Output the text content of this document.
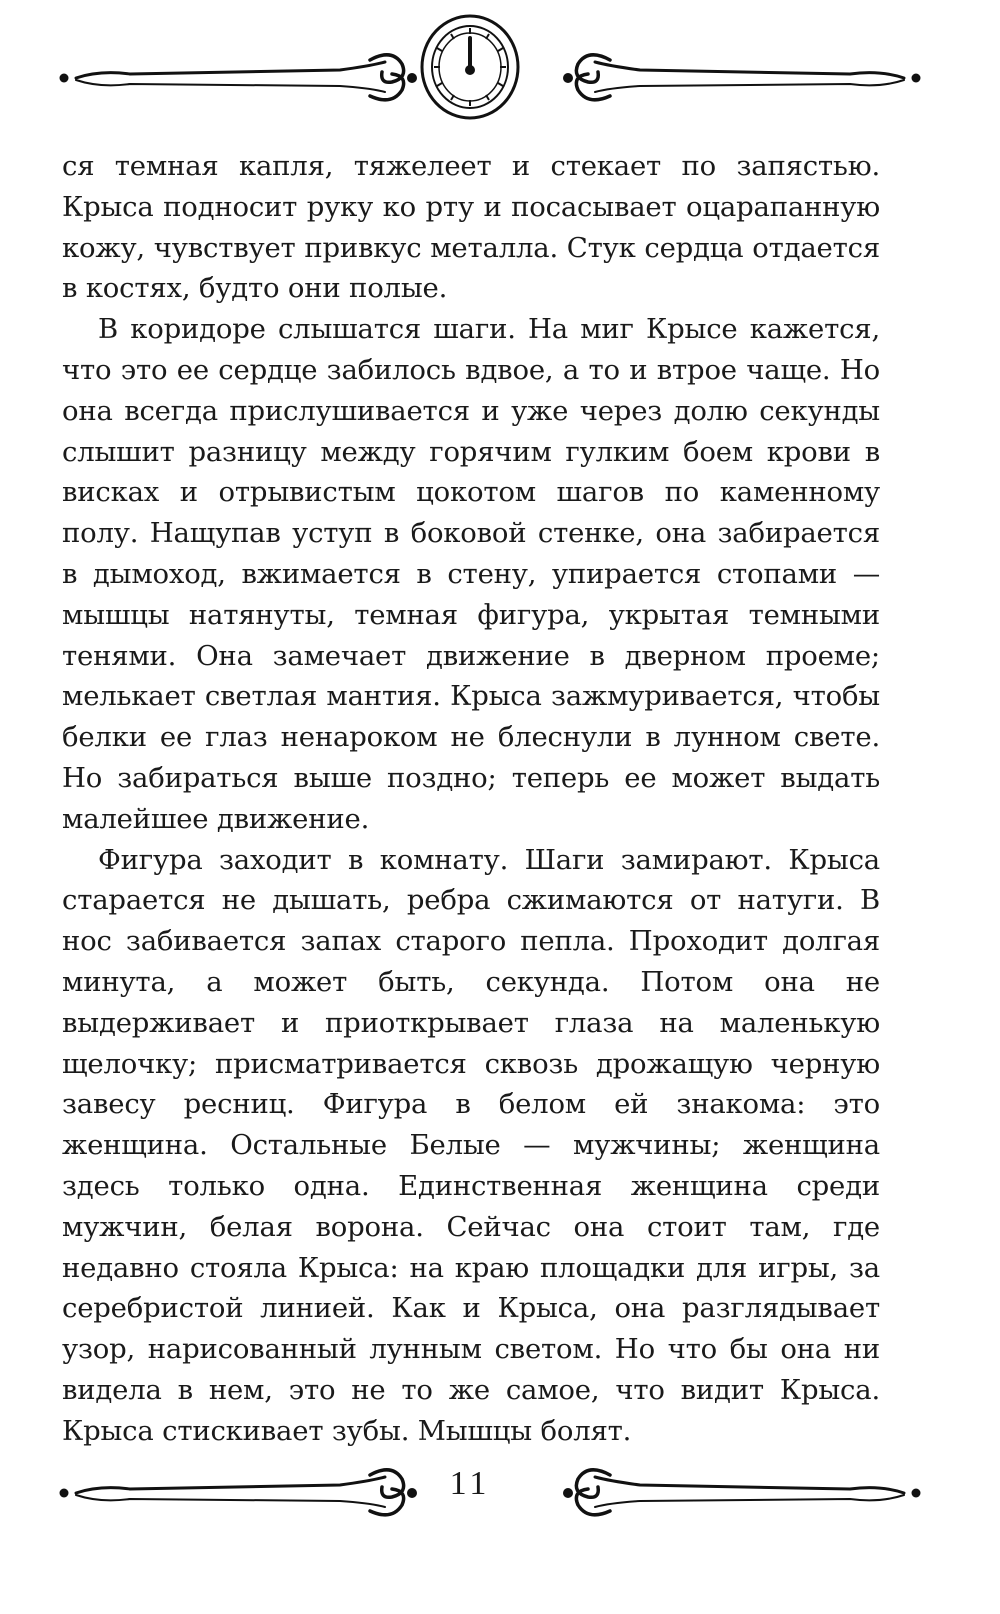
ся темная капля, тяжелеет и стекает по запястью. Крыса подносит руку ко рту и посасывает оцарапанную кожу, чувствует привкус металла. Стук сердца отдается в костях, будто они полые.

В коридоре слышатся шаги. На миг Крысе кажется, что это ее сердце забилось вдвое, а то и втрое чаще. Но она всегда прислушивается и уже через долю секунды слышит разницу между горячим гулким боем крови в висках и отрывистым цокотом шагов по каменному полу. Нащупав уступ в боковой стенке, она забирается в дымоход, вжимается в стену, упирается стопами — мышцы натянуты, темная фигура, укрытая темными тенями. Она замечает движение в дверном проеме; мелькает светлая мантия. Крыса зажмуривается, чтобы белки ее глаз ненароком не блеснули в лунном свете. Но забираться выше поздно; теперь ее может выдать малейшее движение.

Фигура заходит в комнату. Шаги замирают. Крыса старается не дышать, ребра сжимаются от натуги. В нос забивается запах старого пепла. Проходит долгая минута, а может быть, секунда. Потом она не выдерживает и приоткрывает глаза на маленькую щелочку; присматривается сквозь дрожащую черную завесу ресниц. Фигура в белом ей знакома: это женщина. Остальные Белые — мужчины; женщина здесь только одна. Единственная женщина среди мужчин, белая ворона. Сейчас она стоит там, где недавно стояла Крыса: на краю площадки для игры, за серебристой линией. Как и Крыса, она разглядывает узор, нарисованный лунным светом. Но что бы она ни видела в нем, это не то же самое, что видит Крыса. Крыса стискивает зубы. Мышцы болят.

11
